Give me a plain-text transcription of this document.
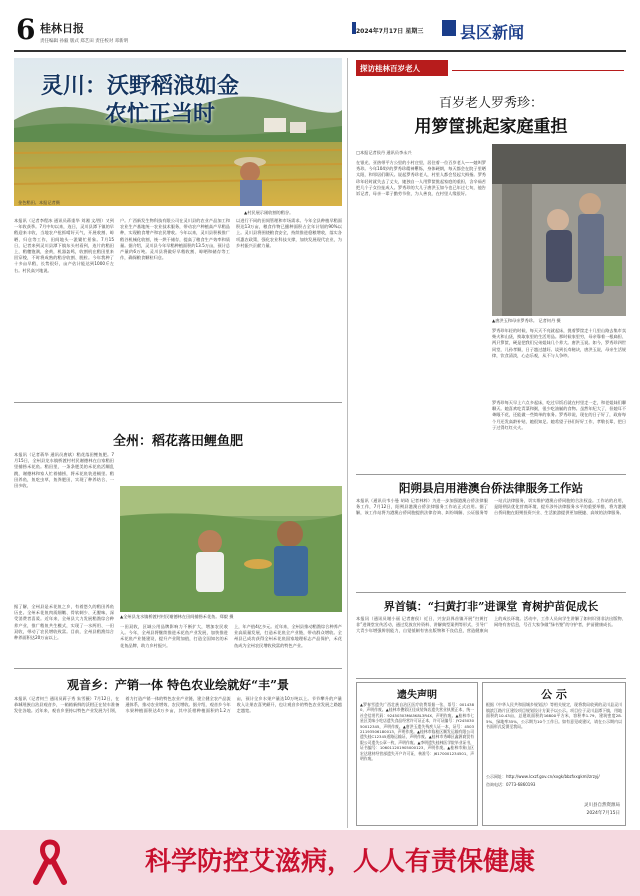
6 桂林日报
责任编辑 孙毅 版式 郑艺田 责任校对 邓新明
2024年7月17日 星期三 县区新闻
灵川：沃野稻浪如金
农忙正当时
金色稻田。本报记者摄
▲村民展示刚收割的稻谷。
本报讯（记者李程冰 通讯员蒋重华 刘湘 文/图）又到一年收获季。7月中旬以来，连日，灵川县潭下镇的早稻迎来丰收，当地农户抢抓晴好天气，开展收割、晾晒、归仓等工作，田间地头一派繁忙景象。7月15日，记者来到灵川县潭下镇东头村看到，连片的稻田上，稻穗饱满，金黄，机器轰鸣，收割机在稻田里来回穿梭，不时将成熟的稻谷收割、脱粒。今年我种了十多亩早稻，长势很好，亩产估计能达到1000斤左右。村民高兴地说。
户。广西新发生物科技有限公司在灵川县的农业产品加工和农业生产基地统一农业技术服务，带动农户种植高产早稻品种，实现粮食增产和农民增收。今年以来，灵川县积极推广稻谷机械化收割，统一烘干储存，提高了粮食生产效率和质量。据介绍，灵川县今年早稻种植面积约13.5万亩，预计总产量约6万吨。灵川县将做好早稻收割、晾晒和储存等工作，确保粮食颗粒归仓。
以进行不同的田间管理和市场需求。今年全县种植早稻面积达13万亩，粮食作物已播种面积占全年计划的90%以上。灵川县将围绕粮食安全，持续推进稳粮增收，落实各项惠农政策，强化农业科技支撑，加快发展现代农业，为乡村振兴贡献力量。
全州：稻花落田鲤鱼肥
本报讯（记者蒋华 通讯员唐斌）稻花落田鲤鱼肥。7月15日，全州县龙水镇桥渡村村民谢德林在自家稻田里捕捞禾花鱼。稻田里，一条条肥美的禾花鱼活蹦乱跳，谢德林和家人忙着捕捞，将禾花鱼装进桶里。稻田养鱼，鱼吃虫草，鱼粪肥田，实现了种养结合、一田多收。
▲全州县龙水镇桥渡村村民谢德林在田间捕捞禾花鱼。郑毅 摄
据了解，全州县是禾花鱼之乡，有着悠久的稻田养鱼历史。全州禾花鱼肉质细嫩、骨软刺少、无腥味，深受消费者喜爱。近年来，全州县大力发展稻渔综合种养产业，推广稻鱼共生模式，实现了一水两用、一田双收，带动了农民增收致富。目前，全州县稻渔综合种养面积达20万亩以上。
一田双收，区域公用品牌影响力不断扩大，增加农民收入。今年，全州县将继续推进禾花鱼产业发展，加快推进禾花鱼产业链建设，提升产业附加值，打造全国知名的禾花鱼品牌，助力乡村振兴。
上，年产值4亿多元。近年来，全州县推动稻渔综合种养产业高质量发展，打造禾花鱼全产业链，带动群众增收。全州县已成功获得全州禾花鱼国家地理标志产品保护，禾花鱼成为全州农民增收致富的特色产业。
观音乡：产销一体 特色农业绘就好“丰”景
本报讯（记者何兰 通讯员蒋子秀 朱雪薇）7月12日，在恭城瑶族自治县观音乡，一箱箱新鲜的沃柑正在装车准备发往各地。近年来，观音乡坚持以特色产业发展为引领，着力打造产销一体的特色农业产业链，建立健全农产品流通体系，推动农业增效、农民增收。据介绍，观音乡今年水果种植面积达4万多亩，其中沃柑种植面积约1.2万亩，预计全乡水果产量达10万吨以上。节节攀升的产量收入让果农喜笑颜开，也让观音乡的特色农业发展之路越走越宽。
探访桂林百岁老人
百岁老人罗秀珍：
用箩筐挑起家庭重担
□本报记者侯丹 通讯员李永兴
在银光、亚热带平方公里的小村庄里，居住着一位百岁老人——她叫罗秀珍。今年104岁的罗秀珍精神矍铄，身体硬朗，每天都会在院子里晒太阳，和邻居们聊天。说起罗秀珍老人，村里人都会竖起大拇指。罗秀珍年轻时就失去了丈夫，她独自一人用箩筐挑起家庭的重担，含辛茹苦把几个子女拉扯成人。罗秀珍的大儿子唐洪玉如今也已年过七旬，他告诉记者，母亲一辈子勤劳节俭，为人善良，在村里人缘很好。
▲唐洪玉和母亲罗秀珍。 记者何丹 摄
罗秀珍年轻的时候，每天天不亮就起床，挑着箩筐走十几里山路去集市卖柴火和山货，换取家里的生活用品。那时候家里穷，母亲靠着一根扁担、两只箩筐，硬是把我们兄弟姐妹几个养大。唐洪玉说。如今，罗秀珍四世同堂，儿孙孝顺，日子越过越好。谈到长寿秘诀，唐洪玉说，母亲生活规律，饮食清淡，心态乐观，从不与人争吵。
罗秀珍每天早上六点多起床，吃过早饭后就在村里走一走，和老姐妹们聊聊天。她喜欢吃青菜和粥，很少吃油腻的食物。虽然年纪大了，但她耳不聋眼不花，还能做一些简单的家务。罗秀珍说，现在的日子好了，政府每个月还发高龄补贴，她很知足。她希望子孙们好好工作，孝敬长辈，把日子过得红红火火。
阳朔县启用港澳台侨法律服务工作站
本报讯（通讯员韦小曼 胡琦 记者林梓）为进一步加强港澳台侨法律服务工作，7月12日，阳朔县港澳台侨法律服务工作站正式启用。据了解，该工作站将为港澳台侨同胞提供法律咨询、纠纷调解、公证服务等一站式法律服务，切实维护港澳台侨同胞的合法权益。工作站的启用，是阳朔县优化营商环境、提升涉外法律服务水平的重要举措，将为港澳台侨同胞在阳朔投资兴业、生活旅游提供更加便捷、高效的法律服务。
界首镇：“扫黄打非”进课堂 育树护苗促成长
本报讯（通讯员谢小丽 记者唐侯）近日，兴安县界首镇开展“扫黄打非”进课堂宣传活动，通过发放宣传资料、讲解典型案例等形式，引导广大青少年增强辨别能力，自觉抵制有害出版物和不良信息，营造健康向上的成长环境。活动中，工作人员向学生讲解了如何识别非法出版物、网络有害信息，号召大家争做“绿书签”的守护者，护苗健康成长。
遗失声明
▲罗春雪遗失广西壮族自治区医疗收费票据一张，票号：0014380，声明作废。▲桂林市叠彩区佳成装饰店遗失营业执照正本，统一社会信用代码：92450303MA5K8L3R4X，声明作废。▲桂林市七星区美味小吃店遗失食品经营许可证正本，许可证编号：JY24503050012345，声明作废。▲唐洪玉遗失残疾人证一本，证号：450321193506180013，声明作废。▲桂林市临桂区顺发运输有限公司遗失桂C12345道路运输证，声明作废。▲桂林市秀峰区鑫源商贸有限公司遗失公章一枚，声明作废。▲李明遗失桂林医学院毕业证书，证书编号：106011201905000123，声明作废。▲桂林市象山区宏达建材经营部遗失开户许可证，核准号：J6170001234501，声明作废。
公 示
根据《中华人民共和国城乡规划法》等相关规定，现将我局收到的灵川县灵川镇滨江路片区建设项目规划设计方案予以公示。项目位于灵川县潭下镇，用地面积约10.43亩，总建筑面积约16800平方米，容积率1.79，建筑密度28.5%，绿地率35%，公示期为10个工作日。如有意见或建议，请在公示期内以书面形式反馈至我局。
公示网址：http://www.lcxzf.gov.cn/xxgk/bbzfxxgkml/zrzyj/
咨询电话：0773-6860193
灵川县自然资源局
2024年7月15日
科学防控艾滋病，人人有责保健康
